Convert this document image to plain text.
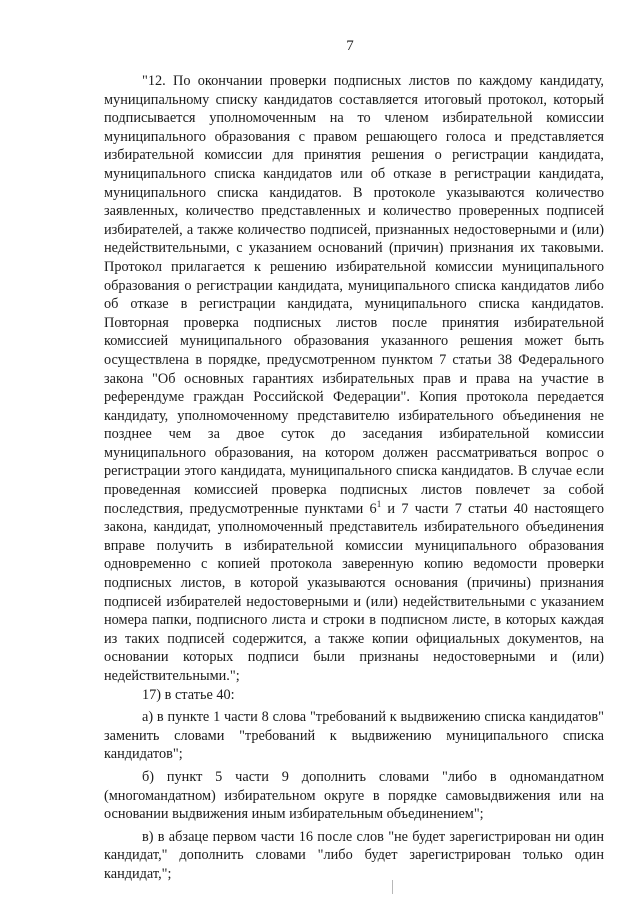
7

"12. По окончании проверки подписных листов по каждому кандидату, муниципальному списку кандидатов составляется итоговый протокол, который подписывается уполномоченным на то членом избирательной комиссии муниципального образования с правом решающего голоса и представляется избирательной комиссии для принятия решения о регистрации кандидата, муниципального списка кандидатов или об отказе в регистрации кандидата, муниципального списка кандидатов. В протоколе указываются количество заявленных, количество представленных и количество проверенных подписей избирателей, а также количество подписей, признанных недостоверными и (или) недействительными, с указанием оснований (причин) признания их таковыми. Протокол прилагается к решению избирательной комиссии муниципального образования о регистрации кандидата, муниципального списка кандидатов либо об отказе в регистрации кандидата, муниципального списка кандидатов. Повторная проверка подписных листов после принятия избирательной комиссией муниципального образования указанного решения может быть осуществлена в порядке, предусмотренном пунктом 7 статьи 38 Федерального закона "Об основных гарантиях избирательных прав и права на участие в референдуме граждан Российской Федерации". Копия протокола передается кандидату, уполномоченному представителю избирательного объединения не позднее чем за двое суток до заседания избирательной комиссии муниципального образования, на котором должен рассматриваться вопрос о регистрации этого кандидата, муниципального списка кандидатов. В случае если проведенная комиссией проверка подписных листов повлечет за собой последствия, предусмотренные пунктами $6^1$ и 7 части 7 статьи 40 настоящего закона, кандидат, уполномоченный представитель избирательного объединения вправе получить в избирательной комиссии муниципального образования одновременно с копией протокола заверенную копию ведомости проверки подписных листов, в которой указываются основания (причины) признания подписей избирателей недостоверными и (или) недействительными с указанием номера папки, подписного листа и строки в подписном листе, в которых каждая из таких подписей содержится, а также копии официальных документов, на основании которых подписи были признаны недостоверными и (или) недействительными.";

17) в статье 40:

а) в пункте 1 части 8 слова "требований к выдвижению списка кандидатов" заменить словами "требований к выдвижению муниципального списка кандидатов";

б) пункт 5 части 9 дополнить словами "либо в одномандатном (многомандатном) избирательном округе в порядке самовыдвижения или на основании выдвижения иным избирательным объединением";

в) в абзаце первом части 16 после слов "не будет зарегистрирован ни один кандидат," дополнить словами "либо будет зарегистрирован только один кандидат,";
